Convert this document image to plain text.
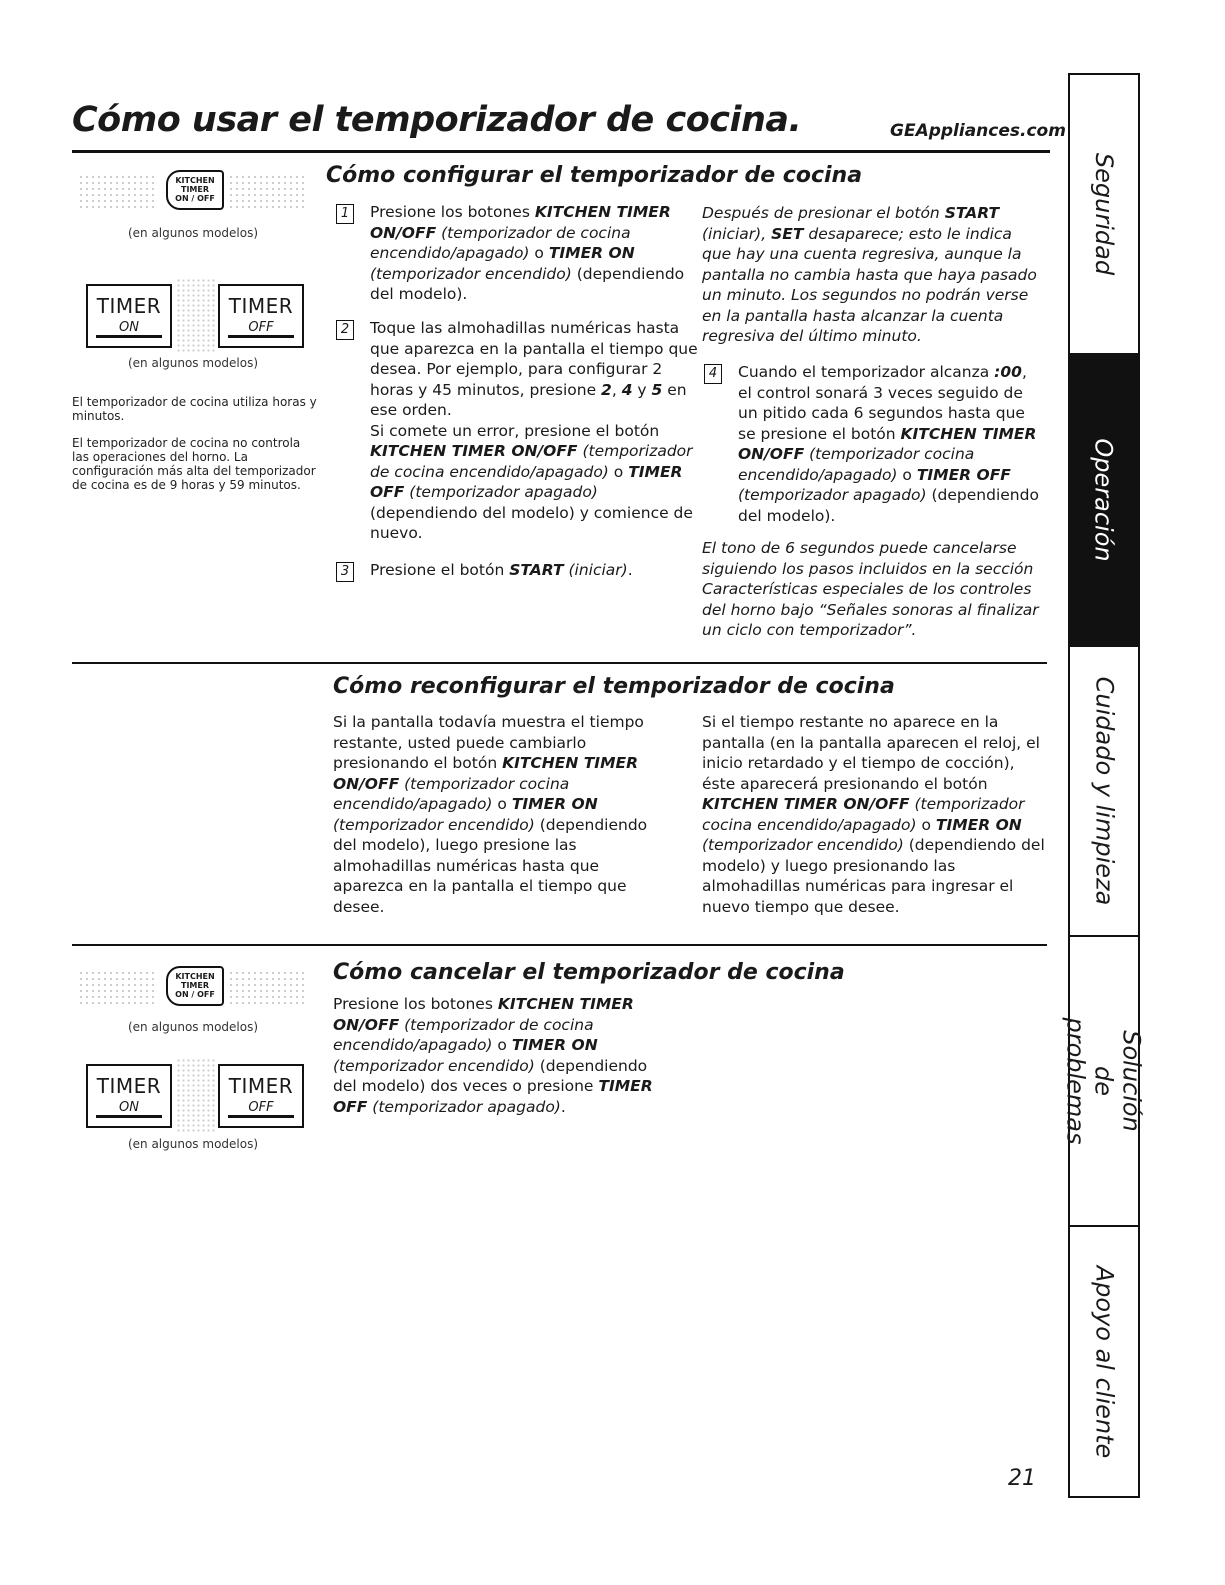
Cómo usar el temporizador de cocina.	GEAppliances.com
Seguridad
Operación
Cuidado y limpieza
Solución de problemas
Apoyo al cliente
KITCHEN
TIMER
ON / OFF
(en algunos modelos)
TIMER
ON
TIMER
OFF
(en algunos modelos)
El temporizador de cocina utiliza horas y minutos.
El temporizador de cocina no controla las operaciones del horno. La configuración más alta del temporizador de cocina es de 9 horas y 59 minutos.
Cómo configurar el temporizador de cocina
1	Presione los botones KITCHEN TIMER ON/OFF (temporizador de cocina encendido/apagado) o TIMER ON (temporizador encendido) (dependiendo del modelo).
2	Toque las almohadillas numéricas hasta que aparezca en la pantalla el tiempo que desea. Por ejemplo, para configurar 2 horas y 45 minutos, presione 2, 4 y 5 en ese orden.
Si comete un error, presione el botón KITCHEN TIMER ON/OFF (temporizador de cocina encendido/apagado) o TIMER OFF (temporizador apagado) (dependiendo del modelo) y comience de nuevo.
3	Presione el botón START (iniciar).
Después de presionar el botón START (iniciar), SET desaparece; esto le indica que hay una cuenta regresiva, aunque la pantalla no cambia hasta que haya pasado un minuto. Los segundos no podrán verse en la pantalla hasta alcanzar la cuenta regresiva del último minuto.
4	Cuando el temporizador alcanza :00, el control sonará 3 veces seguido de un pitido cada 6 segundos hasta que se presione el botón KITCHEN TIMER ON/OFF (temporizador cocina encendido/apagado) o TIMER OFF (temporizador apagado) (dependiendo del modelo).
El tono de 6 segundos puede cancelarse siguiendo los pasos incluidos en la sección Características especiales de los controles del horno bajo “Señales sonoras al finalizar un ciclo con temporizador”.
Cómo reconfigurar el temporizador de cocina
Si la pantalla todavía muestra el tiempo restante, usted puede cambiarlo presionando el botón KITCHEN TIMER ON/OFF (temporizador cocina encendido/apagado) o TIMER ON (temporizador encendido) (dependiendo del modelo), luego presione las almohadillas numéricas hasta que aparezca en la pantalla el tiempo que desee.
Si el tiempo restante no aparece en la pantalla (en la pantalla aparecen el reloj, el inicio retardado y el tiempo de cocción), éste aparecerá presionando el botón KITCHEN TIMER ON/OFF (temporizador cocina encendido/apagado) o TIMER ON (temporizador encendido) (dependiendo del modelo) y luego presionando las almohadillas numéricas para ingresar el nuevo tiempo que desee.
KITCHEN
TIMER
ON / OFF
(en algunos modelos)
TIMER
ON
TIMER
OFF
(en algunos modelos)
Cómo cancelar el temporizador de cocina
Presione los botones KITCHEN TIMER ON/OFF (temporizador de cocina encendido/apagado) o TIMER ON (temporizador encendido) (dependiendo del modelo) dos veces o presione TIMER OFF (temporizador apagado).
21
